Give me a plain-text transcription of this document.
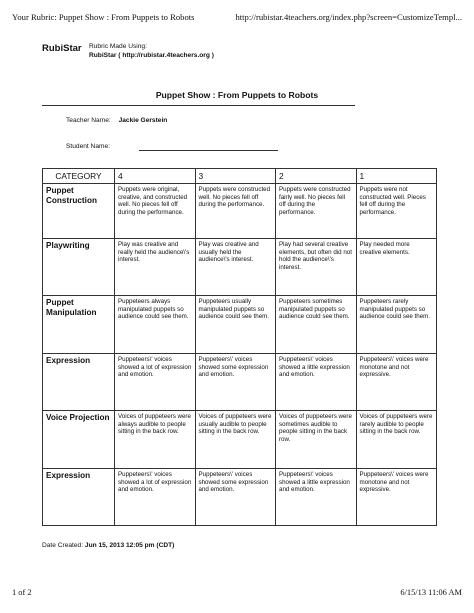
Your Rubric: Puppet Show : From Puppets to Robots	http://rubistar.4teachers.org/index.php?screen=CustomizeTempl...
RubiStar Rubric Made Using:
RubiStar ( http://rubistar.4teachers.org )
Puppet Show : From Puppets to Robots
Teacher Name: Jackie Gerstein
Student Name:
CATEGORY	4	3	2	1
Puppet Construction	Puppets were original, creative, and constructed well. No pieces fell off during the performance.	Puppets were constructed well. No pieces fell off during the performance.	Puppets were constructed fairly well. No pieces fell off during the performance.	Puppets were not constructed well. Pieces fell off during the performance.
Playwriting	Play was creative and really held the audience\'s interest.	Play was creative and usually held the audience\'s interest.	Play had several creative elements, but often did not hold the audience\'s interest.	Play needed more creative elements.
Puppet Manipulation	Puppeteers always manipulated puppets so audience could see them.	Puppeteers usually manipulated puppets so audience could see them.	Puppeteers sometimes manipulated puppets so audience could see them.	Puppeteers rarely manipulated puppets so audience could see them.
Expression	Puppeteers\' voices showed a lot of expression and emotion.	Puppeteers\' voices showed some expression and emotion.	Puppeteers\' voices showed a little expression and emotion.	Puppeteers\' voices were monotone and not expressive.
Voice Projection	Voices of puppeteers were always audible to people sitting in the back row.	Voices of puppeteers were usually audible to people sitting in the back row.	Voices of puppeteers were sometimes audible to people sitting in the back row.	Voices of puppeteers were rarely audible to people sitting in the back row.
Expression	Puppeteers\' voices showed a lot of expression and emotion.	Puppeteers\' voices showed some expression and emotion.	Puppeteers\' voices showed a little expression and emotion.	Puppeteers\' voices were monotone and not expressive.
Date Created: Jun 15, 2013 12:05 pm (CDT)
1 of 2	6/15/13 11:06 AM
